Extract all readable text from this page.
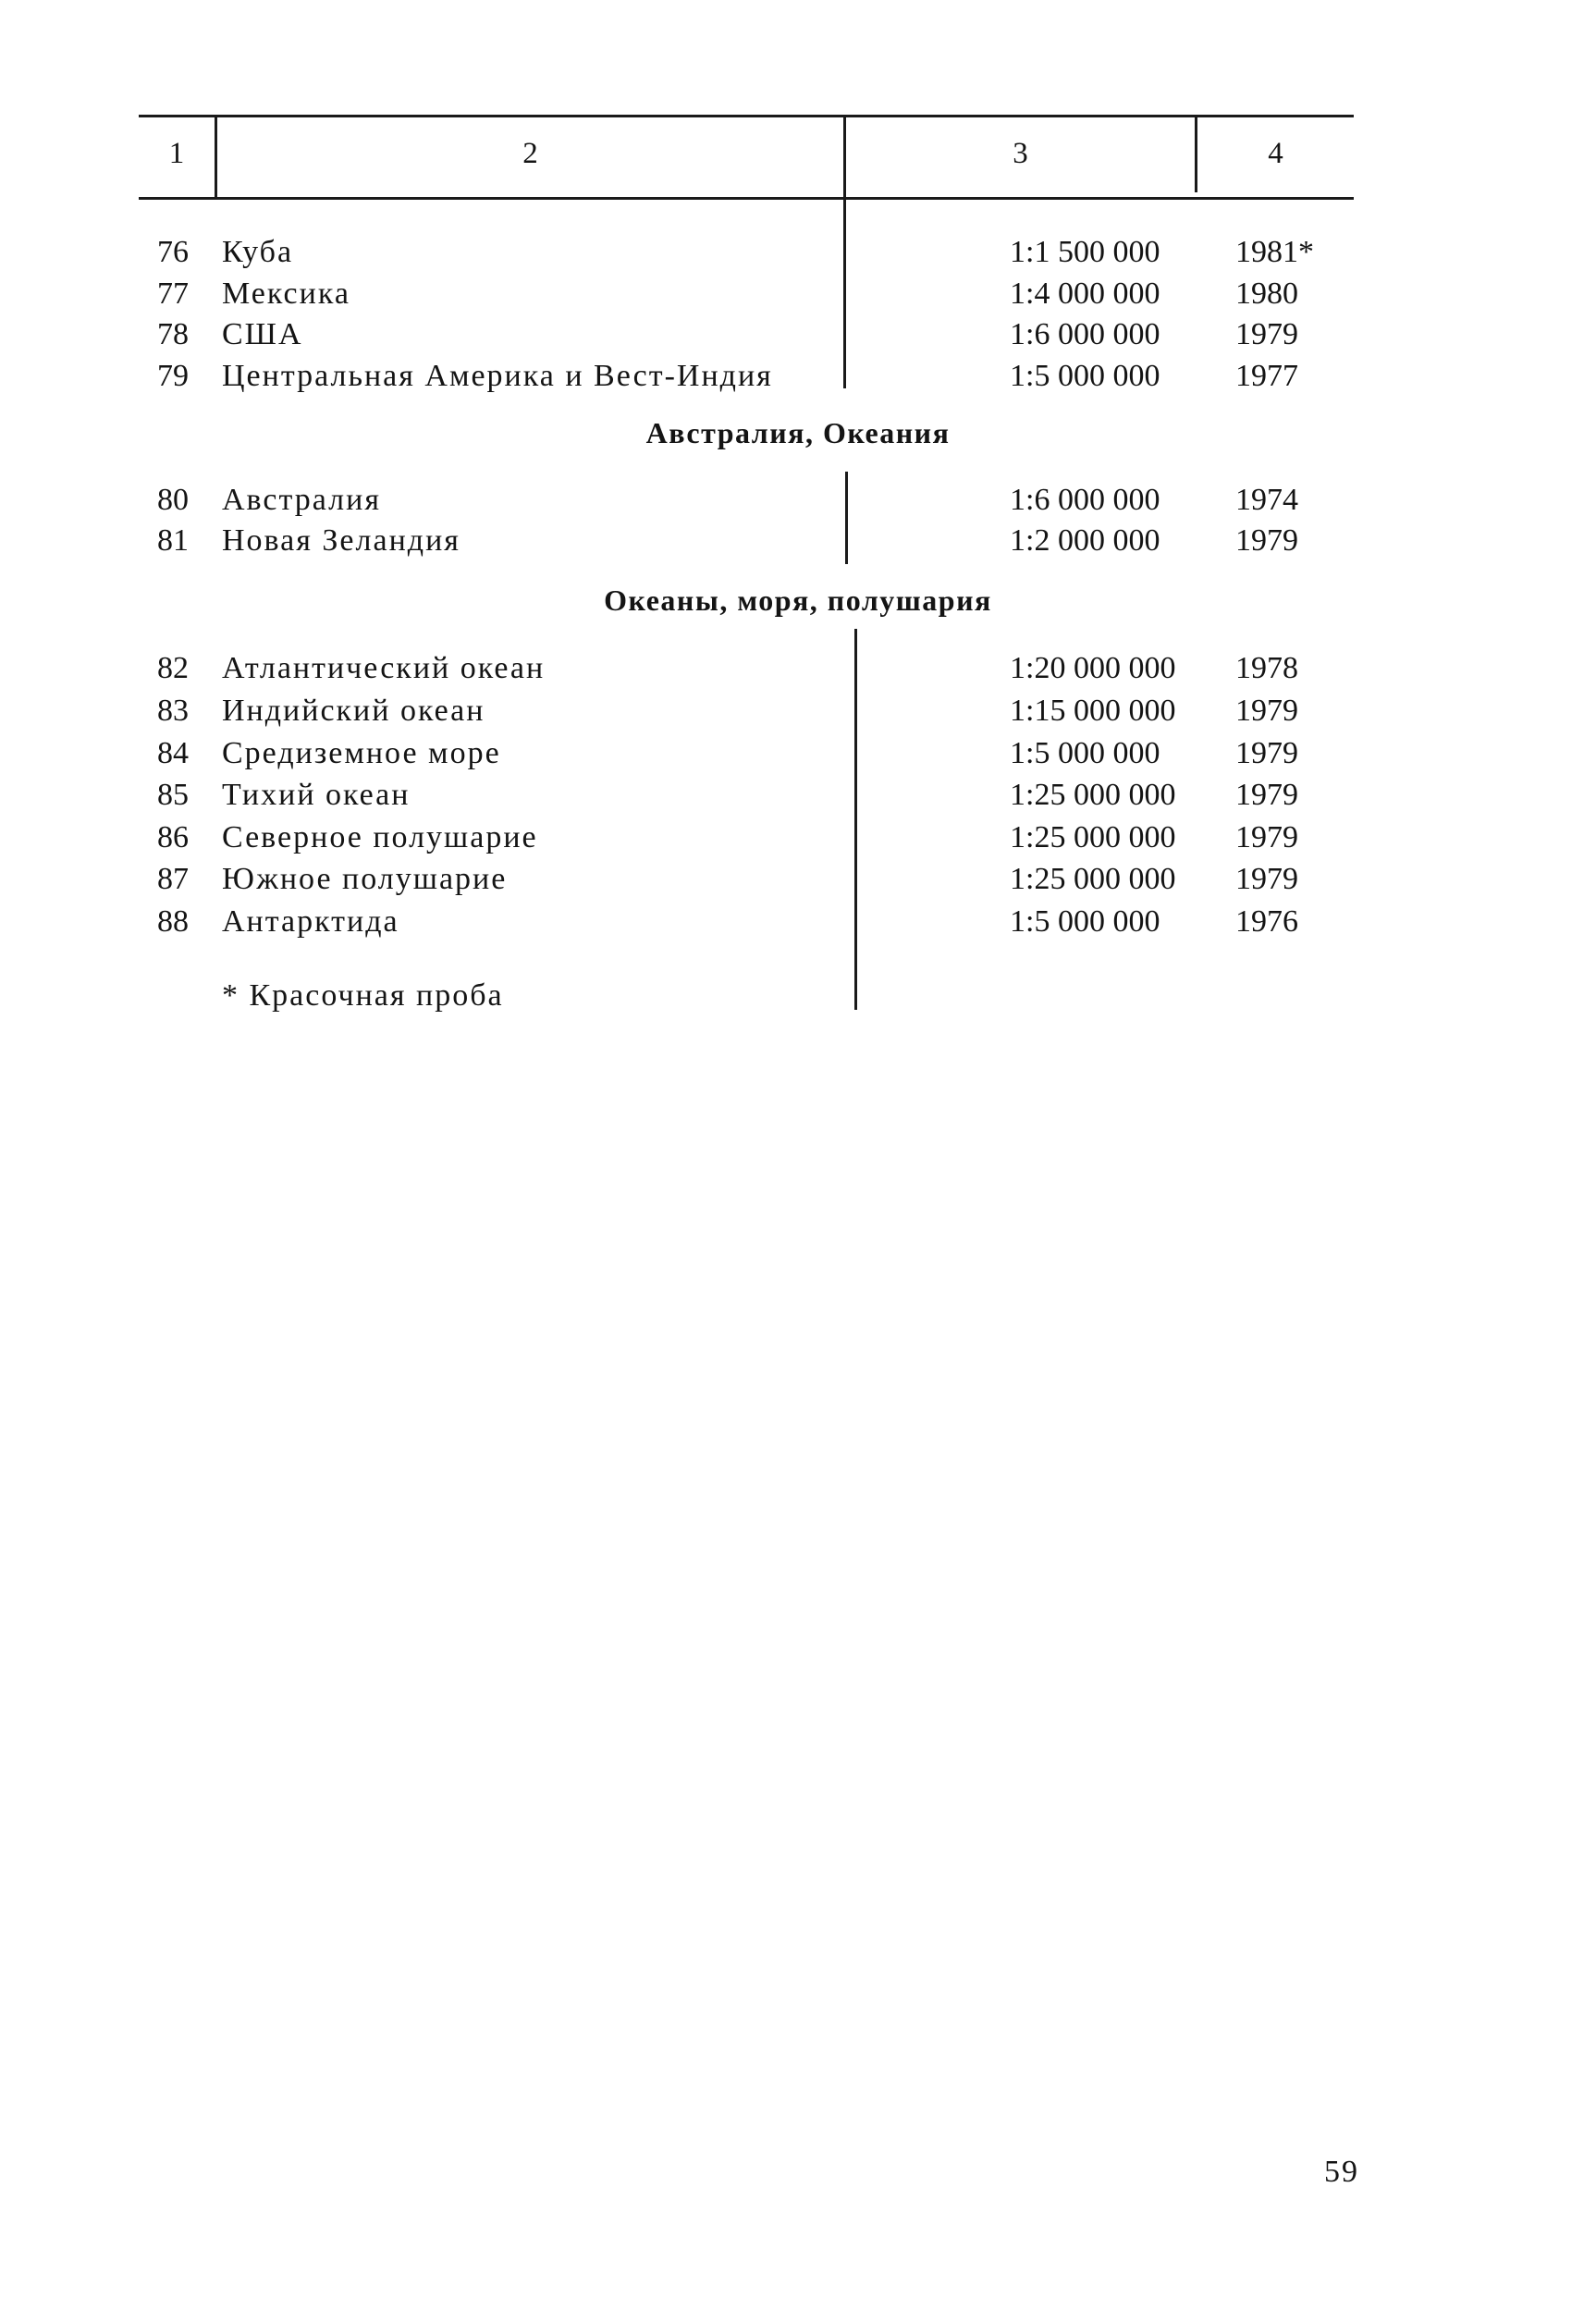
1	2	3	4
76	Куба	1:1 500 000 1981*
77	Мексика	1:4 000 000 1980
78	США	1:6 000 000 1979
79	Центральная Америка и Вест-Индия	1:5 000 000 1977
Австралия, Океания
80	Австралия	1:6 000 000 1974
81	Новая Зеландия	1:2 000 000 1979
Океаны, моря, полушария
82	Атлантический океан	1:20 000 000 1978
83	Индийский океан	1:15 000 000 1979
84	Средиземное море	1:5 000 000 1979
85	Тихий океан	1:25 000 000 1979
86	Северное полушарие	1:25 000 000 1979
87	Южное полушарие	1:25 000 000 1979
88	Антарктида	1:5 000 000 1976
* Красочная проба
59
